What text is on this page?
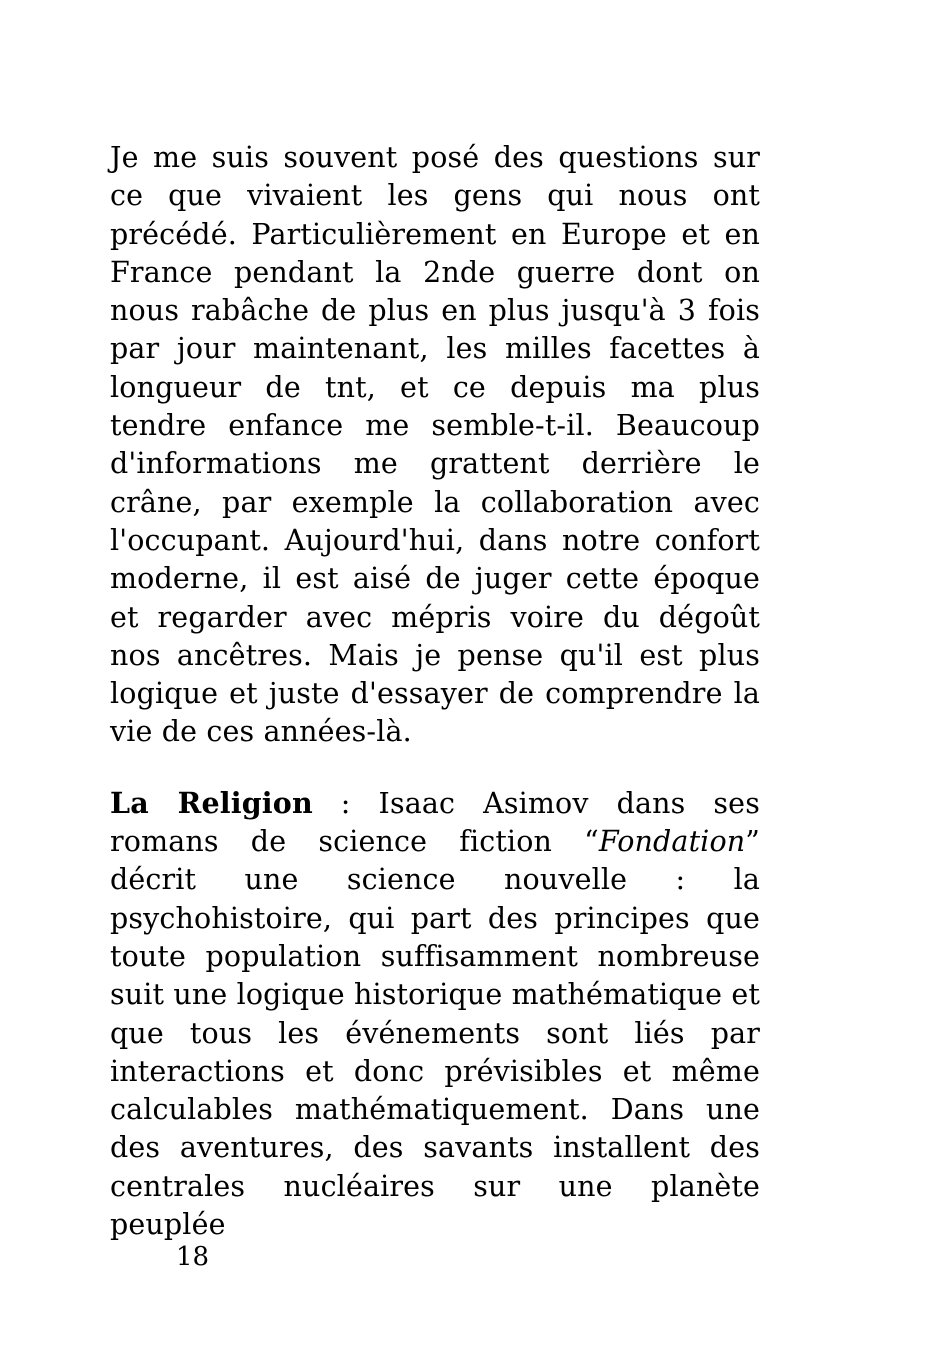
Je me suis souvent posé des questions sur ce que vivaient les gens qui nous ont précédé. Particulièrement en Europe et en France pendant la 2nde guerre dont on nous rabâche de plus en plus jusqu'à 3 fois par jour maintenant, les milles facettes à longueur de tnt, et ce depuis ma plus tendre enfance me semble-t-il. Beaucoup d'informations me grattent derrière le crâne, par exemple la collaboration avec l'occupant. Aujourd'hui, dans notre confort moderne, il est aisé de juger cette époque et regarder avec mépris voire du dégoût nos ancêtres. Mais je pense qu'il est plus logique et juste d'essayer de comprendre la vie de ces années-là.

La Religion : Isaac Asimov dans ses romans de science fiction “Fondation” décrit une science nouvelle : la psychohistoire, qui part des principes que toute population suffisamment nombreuse suit une logique historique mathématique et que tous les événements sont liés par interactions et donc prévisibles et même calculables mathématiquement. Dans une des aventures, des savants installent des centrales nucléaires sur une planète peuplée

18
